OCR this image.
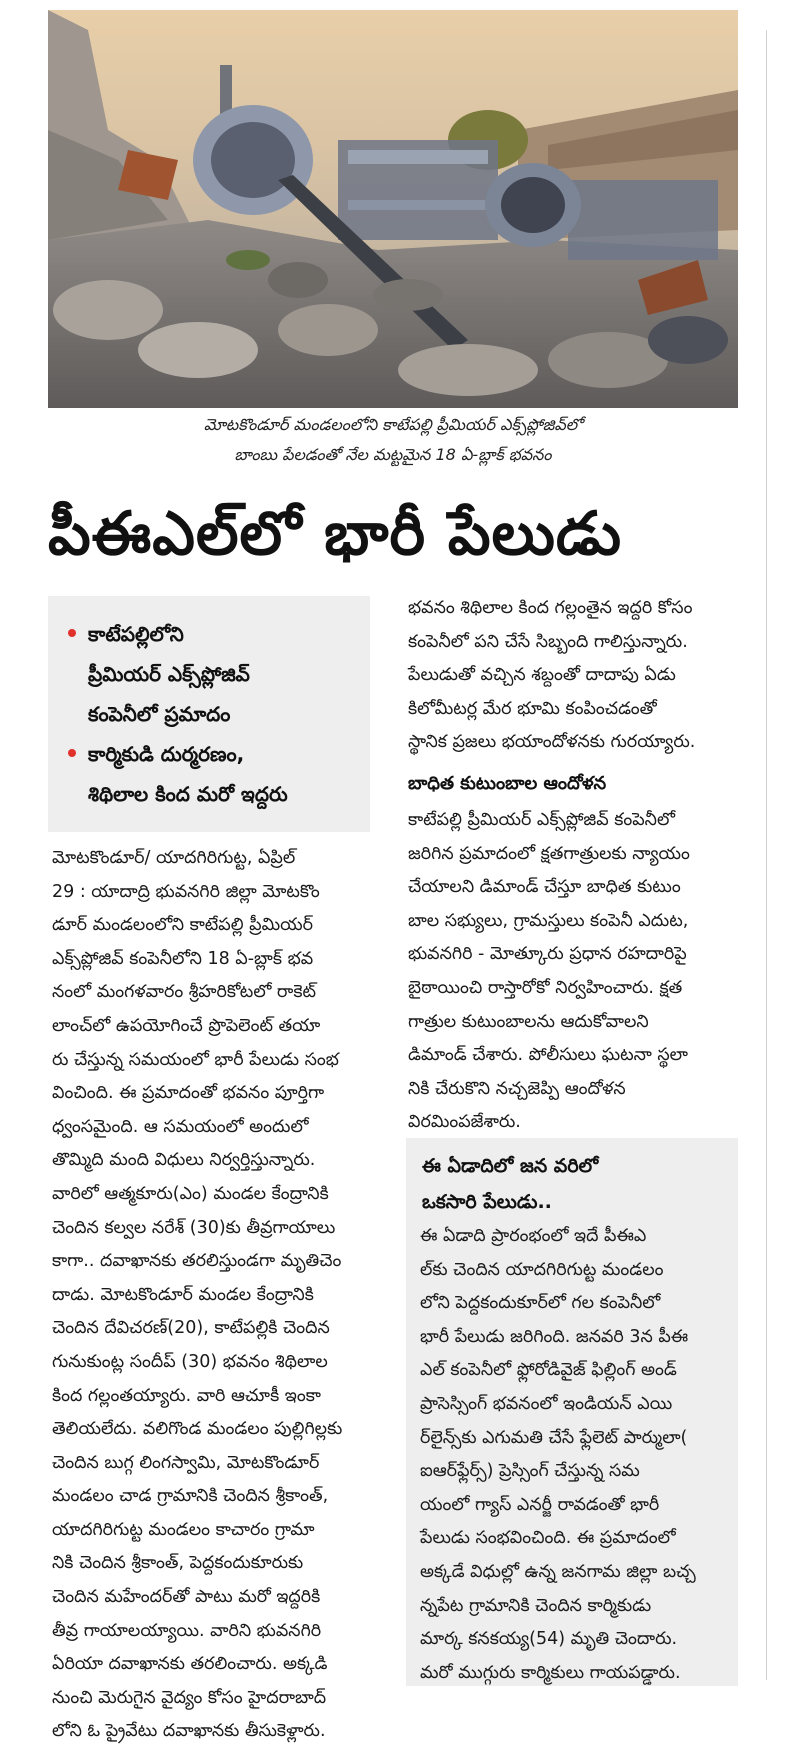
మోటకొండూర్ మండలంలోని కాటేపల్లి ప్రీమియర్ ఎక్స్‌ప్లోజివ్‌లో
బాంబు పేలడంతో నేల మట్టమైన 18 ఏ-బ్లాక్ భవనం
పీఈఎల్‌లో భారీ పేలుడు
కాటేపల్లిలోని
ప్రీమియర్ ఎక్స్‌ప్లోజివ్
కంపెనీలో ప్రమాదం
కార్మికుడి దుర్మరణం,
శిథిలాల కింద మరో ఇద్దరు
మోటకొండూర్/ యాదగిరిగుట్ట, ఏప్రిల్
29 : యాదాద్రి భువనగిరి జిల్లా మోటకొం
డూర్ మండలంలోని కాటేపల్లి ప్రీమియర్
ఎక్స్‌ప్లోజివ్ కంపెనీలోని 18 ఏ-బ్లాక్ భవ
నంలో మంగళవారం శ్రీహరికోటలో రాకెట్
లాంచ్‌లో ఉపయోగించే ప్రొపెలెంట్ తయా
రు చేస్తున్న సమయంలో భారీ పేలుడు సంభ
వించింది. ఈ ప్రమాదంతో భవనం పూర్తిగా
ధ్వంసమైంది. ఆ సమయంలో అందులో
తొమ్మిది మంది విధులు నిర్వర్తిస్తున్నారు.
వారిలో ఆత్మకూరు(ఎం) మండల కేంద్రానికి
చెందిన కల్వల నరేశ్ (30)కు తీవ్రగాయాలు
కాగా.. దవాఖానకు తరలిస్తుండగా మృతిచెం
దాడు. మోటకొండూర్ మండల కేంద్రానికి
చెందిన దేవిచరణ్(20), కాటేపల్లికి చెందిన
గునుకుంట్ల సందీప్ (30) భవనం శిథిలాల
కింద గల్లంతయ్యారు. వారి ఆచూకీ ఇంకా
తెలియలేదు. వలిగొండ మండలం పుల్లిగిల్లకు
చెందిన బుగ్గ లింగస్వామి, మోటకొండూర్
మండలం చాడ గ్రామానికి చెందిన శ్రీకాంత్,
యాదగిరిగుట్ట మండలం కాచారం గ్రామా
నికి చెందిన శ్రీకాంత్, పెద్దకందుకూరుకు
చెందిన మహేందర్‌తో పాటు మరో ఇద్దరికి
తీవ్ర గాయాలయ్యాయి. వారిని భువనగిరి
ఏరియా దవాఖానకు తరలించారు. అక్కడి
నుంచి మెరుగైన వైద్యం కోసం హైదరాబాద్
లోని ఓ ప్రైవేటు దవాఖానకు తీసుకెళ్లారు.
భవనం శిథిలాల కింద గల్లంతైన ఇద్దరి కోసం
కంపెనీలో పని చేసే సిబ్బంది గాలిస్తున్నారు.
పేలుడుతో వచ్చిన శబ్దంతో దాదాపు ఏడు
కిలోమీటర్ల మేర భూమి కంపించడంతో
స్థానిక ప్రజలు భయాందోళనకు గురయ్యారు.
బాధిత కుటుంబాల ఆందోళన
కాటేపల్లి ప్రీమియర్ ఎక్స్‌ప్లోజివ్ కంపెనీలో
జరిగిన ప్రమాదంలో క్షతగాత్రులకు న్యాయం
చేయాలని డిమాండ్ చేస్తూ బాధిత కుటుం
బాల సభ్యులు, గ్రామస్తులు కంపెనీ ఎదుట,
భువనగిరి - మోత్కూరు ప్రధాన రహదారిపై
బైఠాయించి రాస్తారోకో నిర్వహించారు. క్షత
గాత్రుల కుటుంబాలను ఆదుకోవాలని
డిమాండ్ చేశారు. పోలీసులు ఘటనా స్థలా
నికి చేరుకొని నచ్చజెప్పి ఆందోళన
విరమింపజేశారు.
ఈ ఏడాదిలో జన వరిలో
ఒకసారి పేలుడు..
ఈ ఏడాది ప్రారంభంలో ఇదే పీఈఎ
ల్‌కు చెందిన యాదగిరిగుట్ట మండలం
లోని పెద్దకందుకూర్‌లో గల కంపెనీలో
భారీ పేలుడు జరిగింది. జనవరి 3న పీఈ
ఎల్ కంపెనీలో ఫ్లోరోడివైజ్ ఫిల్లింగ్ అండ్
ప్రాసెస్సింగ్ భవనంలో ఇండియన్ ఎయి
ర్‌లైన్స్‌కు ఎగుమతి చేసే ఫ్లేలెట్ పార్ములా(
ఐఆర్‌ఫ్లేర్స్) ప్రెస్సింగ్ చేస్తున్న సమ
యంలో గ్యాస్ ఎనర్జీ రావడంతో భారీ
పేలుడు సంభవించింది. ఈ ప్రమాదంలో
అక్కడే విధుల్లో ఉన్న జనగామ జిల్లా బచ్చ
న్నపేట గ్రామానికి చెందిన కార్మికుడు
మార్క కనకయ్య(54) మృతి చెందారు.
మరో ముగ్గురు కార్మికులు గాయపడ్డారు.
